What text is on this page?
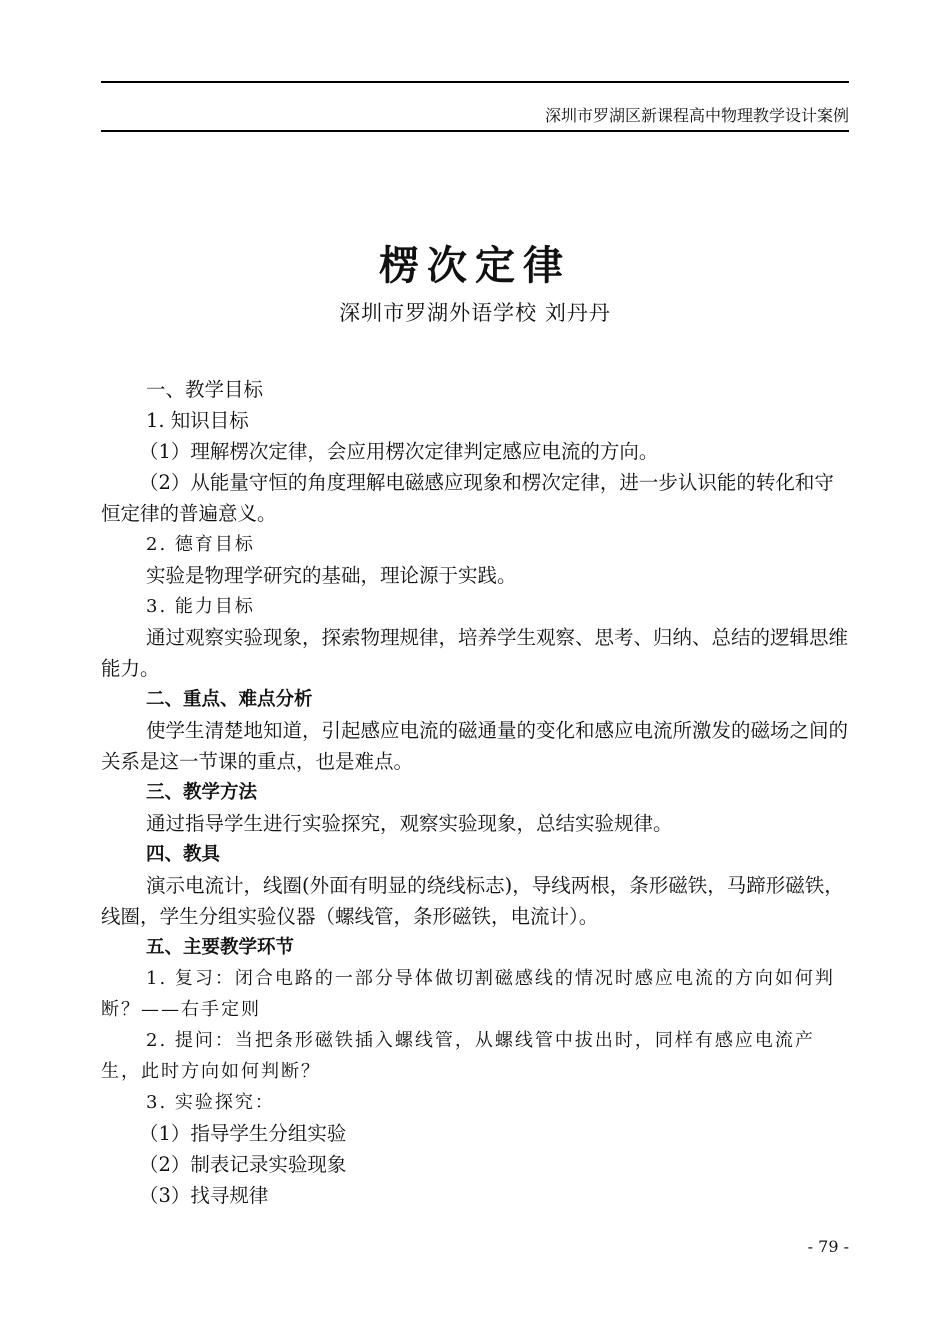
深圳市罗湖区新课程高中物理教学设计案例
楞次定律
深圳市罗湖外语学校 刘丹丹

一、教学目标

1. 知识目标

（1）理解楞次定律，会应用楞次定律判定感应电流的方向。

（2）从能量守恒的角度理解电磁感应现象和楞次定律，进一步认识能的转化和守恒定律的普遍意义。

2. 德育目标

实验是物理学研究的基础，理论源于实践。

3. 能力目标

通过观察实验现象，探索物理规律，培养学生观察、思考、归纳、总结的逻辑思维能力。

二、重点、难点分析

使学生清楚地知道，引起感应电流的磁通量的变化和感应电流所激发的磁场之间的关系是这一节课的重点，也是难点。

三、教学方法

通过指导学生进行实验探究，观察实验现象，总结实验规律。

四、教具

演示电流计，线圈(外面有明显的绕线标志)，导线两根，条形磁铁，马蹄形磁铁，线圈，学生分组实验仪器（螺线管，条形磁铁，电流计）。

五、主要教学环节

1. 复习：闭合电路的一部分导体做切割磁感线的情况时感应电流的方向如何判断？——右手定则

2. 提问：当把条形磁铁插入螺线管，从螺线管中拔出时，同样有感应电流产生，此时方向如何判断？

3. 实验探究：

（1）指导学生分组实验

（2）制表记录实验现象

（3）找寻规律

- 79 -
